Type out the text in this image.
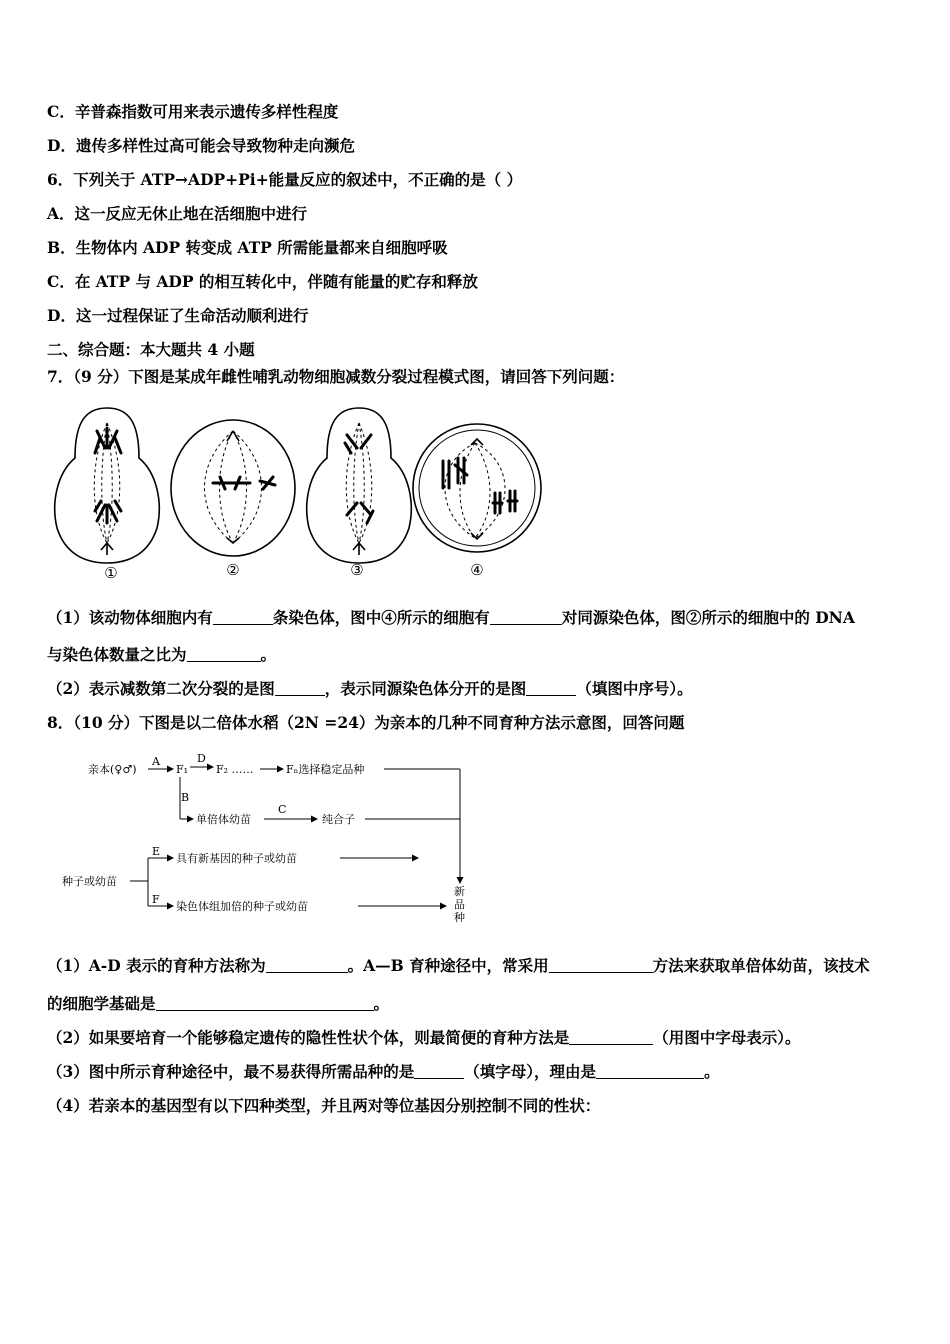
C．辛普森指数可用来表示遗传多样性程度
D．遗传多样性过高可能会导致物种走向濒危
6．下列关于 ATP→ADP+Pi+能量反应的叙述中，不正确的是（ ）
A．这一反应无休止地在活细胞中进行
B．生物体内 ADP 转变成 ATP 所需能量都来自细胞呼吸
C．在 ATP 与 ADP 的相互转化中，伴随有能量的贮存和释放
D．这一过程保证了生命活动顺利进行
二、综合题：本大题共 4 小题
7．（9 分）下图是某成年雌性哺乳动物细胞减数分裂过程模式图，请回答下列问题：
①	②	③	④
（1）该动物体细胞内有	条染色体，图中④所示的细胞有	对同源染色体，图②所示的细胞中的 DNA
与染色体数量之比为	。
（2）表示减数第二次分裂的是图	，表示同源染色体分开的是图	（填图中序号）。
8．（10 分）下图是以二倍体水稻（2N =24）为亲本的几种不同育种方法示意图，回答问题
亲本(♀♂)
A
F₁
D
F₂ ……	Fₙ选择稳定品种
B
单倍体幼苗
C
纯合子
种子或幼苗
E
具有新基因的种子或幼苗
F
染色体组加倍的种子或幼苗
新
品
种
（1）A-D 表示的育种方法称为	。A—B 育种途径中，常采用	方法来获取单倍体幼苗，该技术
的细胞学基础是	。
（2）如果要培育一个能够稳定遗传的隐性性状个体，则最简便的育种方法是	（用图中字母表示）。
（3）图中所示育种途径中，最不易获得所需品种的是	（填字母），理由是	。
（4）若亲本的基因型有以下四种类型，并且两对等位基因分别控制不同的性状：
